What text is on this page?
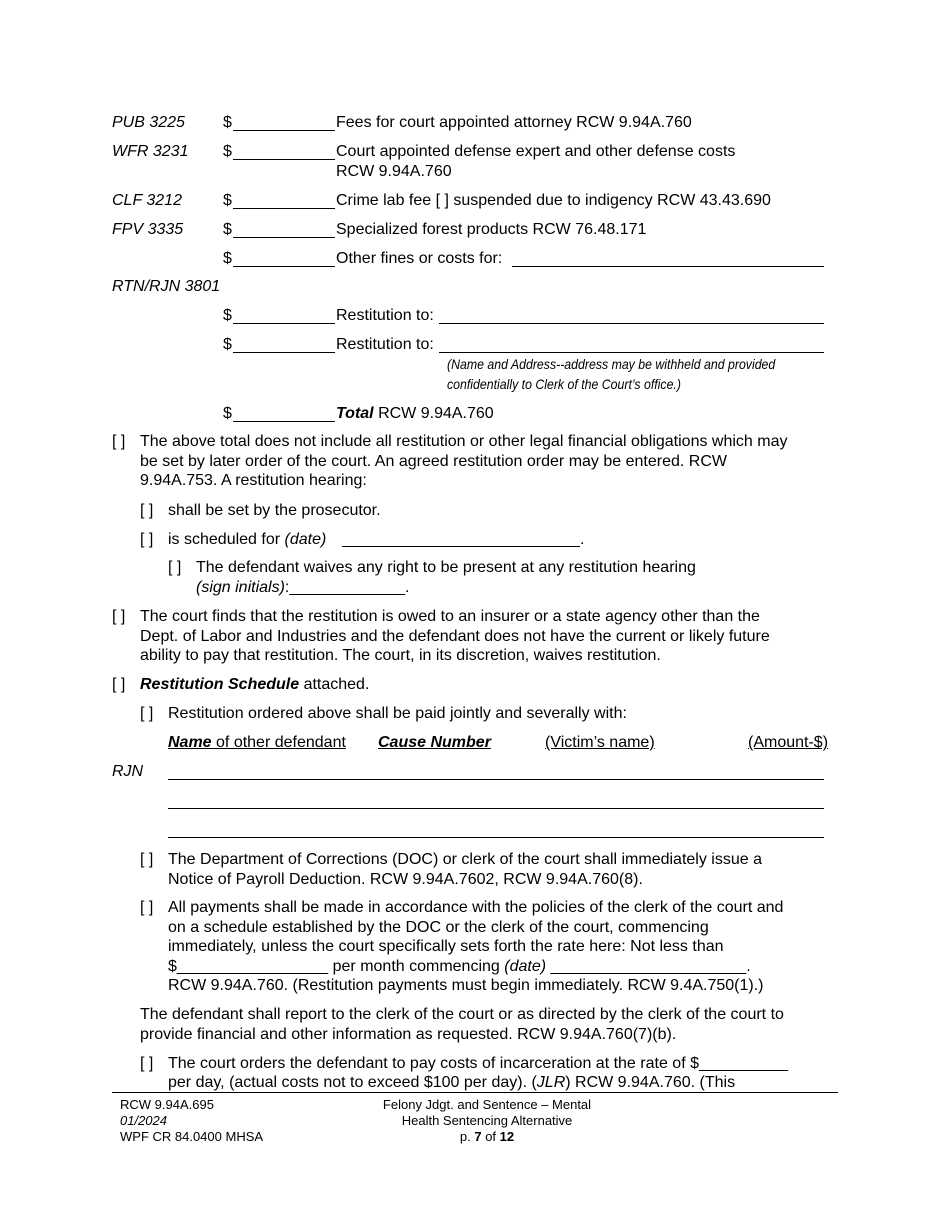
PUB 3225 $	Fees for court appointed attorney RCW 9.94A.760
WFR 3231 $	Court appointed defense expert and other defense costs
RCW 9.94A.760
CLF 3212	$	Crime lab fee [ ] suspended due to indigency RCW 43.43.690
FPV 3335 $	Specialized forest products RCW 76.48.171
$	Other fines or costs for:
RTN/RJN 3801
$	Restitution to:
$	Restitution to:
(Name and Address--address may be withheld and provided
confidentially to Clerk of the Court’s office.)
$	Total RCW 9.94A.760
[ ] The above total does not include all restitution or other legal financial obligations which may
be set by later order of the court. An agreed restitution order may be entered. RCW
9.94A.753. A restitution hearing:
[ ] shall be set by the prosecutor.
[ ] is scheduled for (date)	.
[ ] The defendant waives any right to be present at any restitution hearing
(sign initials):_____________.
[ ] The court finds that the restitution is owed to an insurer or a state agency other than the
Dept. of Labor and Industries and the defendant does not have the current or likely future
ability to pay that restitution. The court, in its discretion, waives restitution.
[ ] Restitution Schedule attached.
[ ] Restitution ordered above shall be paid jointly and severally with:
Name of other defendant Cause Number	(Victim’s name)	(Amount-$)
RJN
[ ] The Department of Corrections (DOC) or clerk of the court shall immediately issue a
Notice of Payroll Deduction. RCW 9.94A.7602, RCW 9.94A.760(8).
[ ] All payments shall be made in accordance with the policies of the clerk of the court and
on a schedule established by the DOC or the clerk of the court, commencing
immediately, unless the court specifically sets forth the rate here: Not less than
$_________________ per month commencing (date) ______________________.
RCW 9.94A.760. (Restitution payments must begin immediately. RCW 9.4A.750(1).)
The defendant shall report to the clerk of the court or as directed by the clerk of the court to
provide financial and other information as requested. RCW 9.94A.760(7)(b).
[ ] The court orders the defendant to pay costs of incarceration at the rate of $__________
per day, (actual costs not to exceed $100 per day). (JLR) RCW 9.94A.760. (This
RCW 9.94A.695
01/2024
WPF CR 84.0400 MHSA
Felony Jdgt. and Sentence – Mental
Health Sentencing Alternative
p. 7 of 12
